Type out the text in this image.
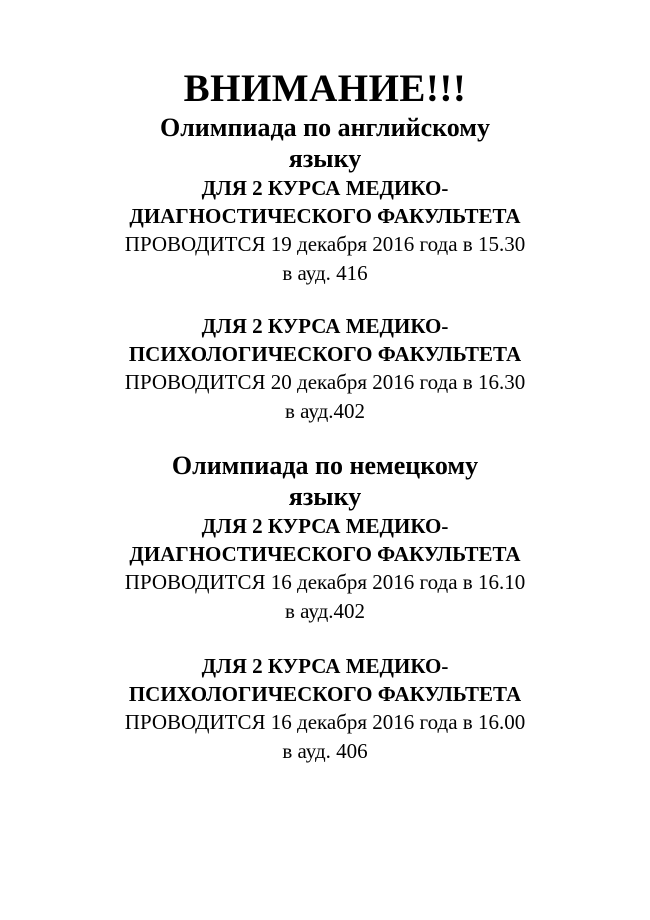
ВНИМАНИЕ!!!
Олимпиада по английскому
языку

ДЛЯ 2 КУРСА МЕДИКО-

ДИАГНОСТИЧЕСКОГО ФАКУЛЬТЕТА

ПРОВОДИТСЯ 19 декабря 2016 года в 15.30

в ауд. 416

ДЛЯ 2 КУРСА МЕДИКО-

ПСИХОЛОГИЧЕСКОГО ФАКУЛЬТЕТА

ПРОВОДИТСЯ 20 декабря 2016 года в 16.30

в ауд.402

Олимпиада по немецкому
языку

ДЛЯ 2 КУРСА МЕДИКО-

ДИАГНОСТИЧЕСКОГО ФАКУЛЬТЕТА

ПРОВОДИТСЯ 16 декабря 2016 года в 16.10

в ауд.402

ДЛЯ 2 КУРСА МЕДИКО-

ПСИХОЛОГИЧЕСКОГО ФАКУЛЬТЕТА

ПРОВОДИТСЯ 16 декабря 2016 года в 16.00

в ауд. 406
